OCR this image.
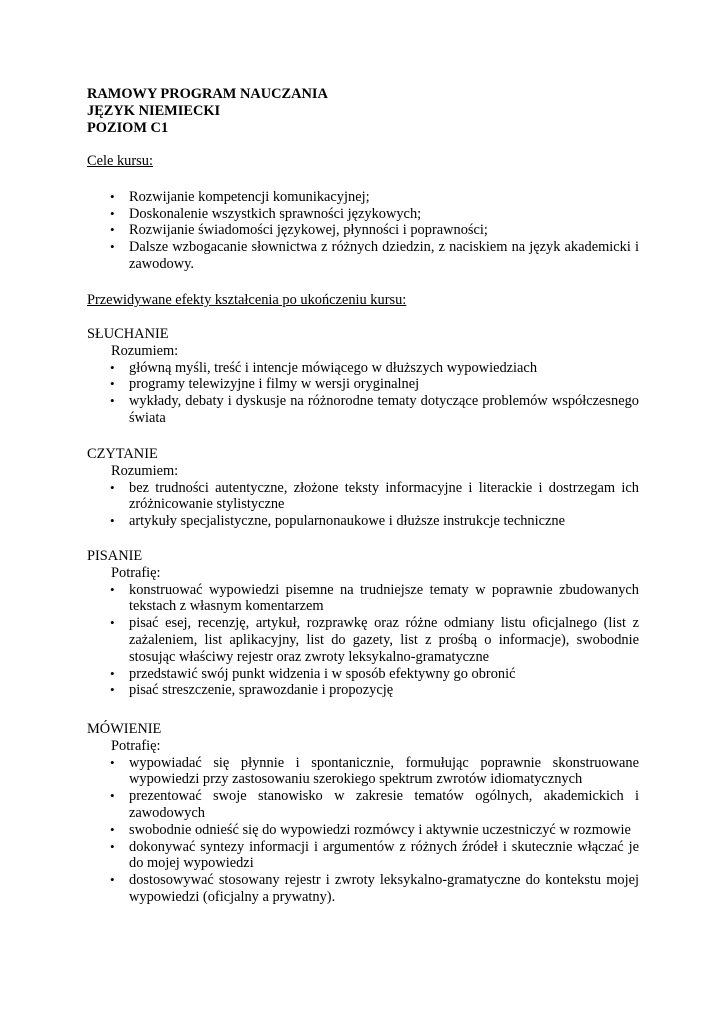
RAMOWY PROGRAM NAUCZANIA
JĘZYK NIEMIECKI
POZIOM C1
Cele kursu:
• Rozwijanie kompetencji komunikacyjnej;
• Doskonalenie wszystkich sprawności językowych;
• Rozwijanie świadomości językowej, płynności i poprawności;
• Dalsze wzbogacanie słownictwa z różnych dziedzin, z naciskiem na język akademicki i zawodowy.
Przewidywane efekty kształcenia po ukończeniu kursu:
SŁUCHANIE
Rozumiem:
• główną myśli, treść i intencje mówiącego w dłuższych wypowiedziach
• programy telewizyjne i filmy w wersji oryginalnej
• wykłady, debaty i dyskusje na różnorodne tematy dotyczące problemów współczesnego świata
CZYTANIE
Rozumiem:
• bez trudności autentyczne, złożone teksty informacyjne i literackie i dostrzegam ich zróżnicowanie stylistyczne
• artykuły specjalistyczne, popularnonaukowe i dłuższe instrukcje techniczne
PISANIE
Potrafię:
• konstruować wypowiedzi pisemne na trudniejsze tematy w poprawnie zbudowanych tekstach z własnym komentarzem
• pisać esej, recenzję, artykuł, rozprawkę oraz różne odmiany listu oficjalnego (list z zażaleniem, list aplikacyjny, list do gazety, list z prośbą o informacje), swobodnie stosując właściwy rejestr oraz zwroty leksykalno-gramatyczne
• przedstawić swój punkt widzenia i w sposób efektywny go obronić
• pisać streszczenie, sprawozdanie i propozycję
MÓWIENIE
Potrafię:
• wypowiadać się płynnie i spontanicznie, formułując poprawnie skonstruowane wypowiedzi przy zastosowaniu szerokiego spektrum zwrotów idiomatycznych
• prezentować swoje stanowisko w zakresie tematów ogólnych, akademickich i zawodowych
• swobodnie odnieść się do wypowiedzi rozmówcy i aktywnie uczestniczyć w rozmowie
• dokonywać syntezy informacji i argumentów z różnych źródeł i skutecznie włączać je do mojej wypowiedzi
• dostosowywać stosowany rejestr i zwroty leksykalno-gramatyczne do kontekstu mojej wypowiedzi (oficjalny a prywatny).
